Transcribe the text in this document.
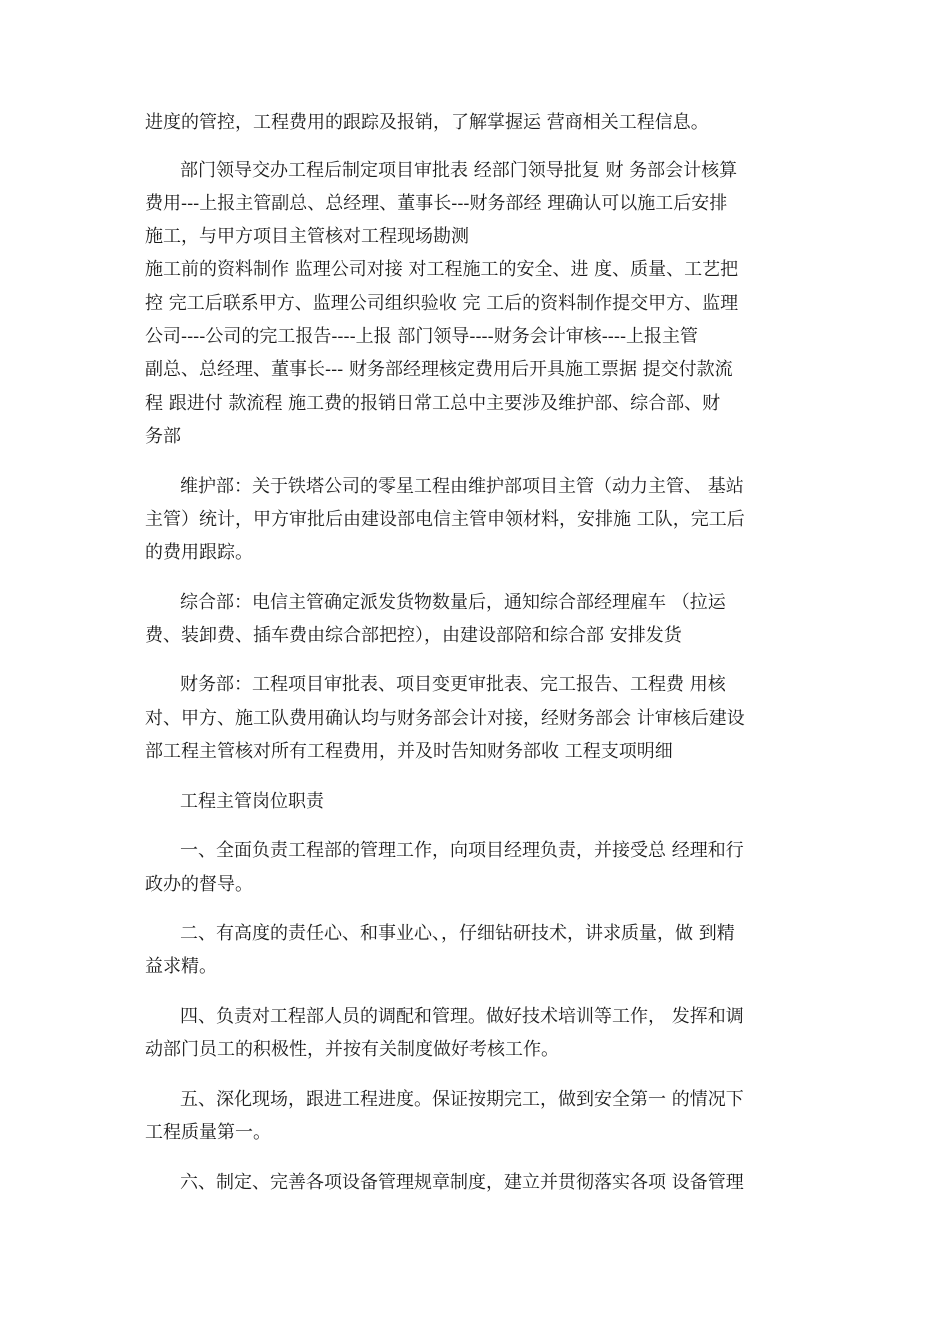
进度的管控，工程费用的跟踪及报销，了解掌握运 营商相关工程信息。
部门领导交办工程后制定项目审批表 经部门领导批复 财 务部会计核算
费用---上报主管副总、总经理、董事长---财务部经 理确认可以施工后安排
施工，与甲方项目主管核对工程现场勘测
施工前的资料制作 监理公司对接 对工程施工的安全、进 度、质量、工艺把
控 完工后联系甲方、监理公司组织验收 完 工后的资料制作提交甲方、监理
公司----公司的完工报告----上报 部门领导----财务会计审核----上报主管
副总、总经理、董事长--- 财务部经理核定费用后开具施工票据 提交付款流
程 跟进付 款流程 施工费的报销日常工总中主要涉及维护部、综合部、财
务部
维护部：关于铁塔公司的零星工程由维护部项目主管（动力主管、 基站
主管）统计，甲方审批后由建设部电信主管申领材料，安排施 工队，完工后
的费用跟踪。
综合部：电信主管确定派发货物数量后，通知综合部经理雇车 （拉运
费、装卸费、插车费由综合部把控），由建设部陪和综合部 安排发货
财务部：工程项目审批表、项目变更审批表、完工报告、工程费 用核
对、甲方、施工队费用确认均与财务部会计对接，经财务部会 计审核后建设
部工程主管核对所有工程费用，并及时告知财务部收 工程支项明细
工程主管岗位职责
一、全面负责工程部的管理工作，向项目经理负责，并接受总 经理和行
政办的督导。
二、有高度的责任心、和事业心、，仔细钻研技术，讲求质量，做 到精
益求精。
四、负责对工程部人员的调配和管理。做好技术培训等工作， 发挥和调
动部门员工的积极性，并按有关制度做好考核工作。
五、深化现场，跟进工程进度。保证按期完工，做到安全第一 的情况下
工程质量第一。
六、制定、完善各项设备管理规章制度，建立并贯彻落实各项 设备管理
